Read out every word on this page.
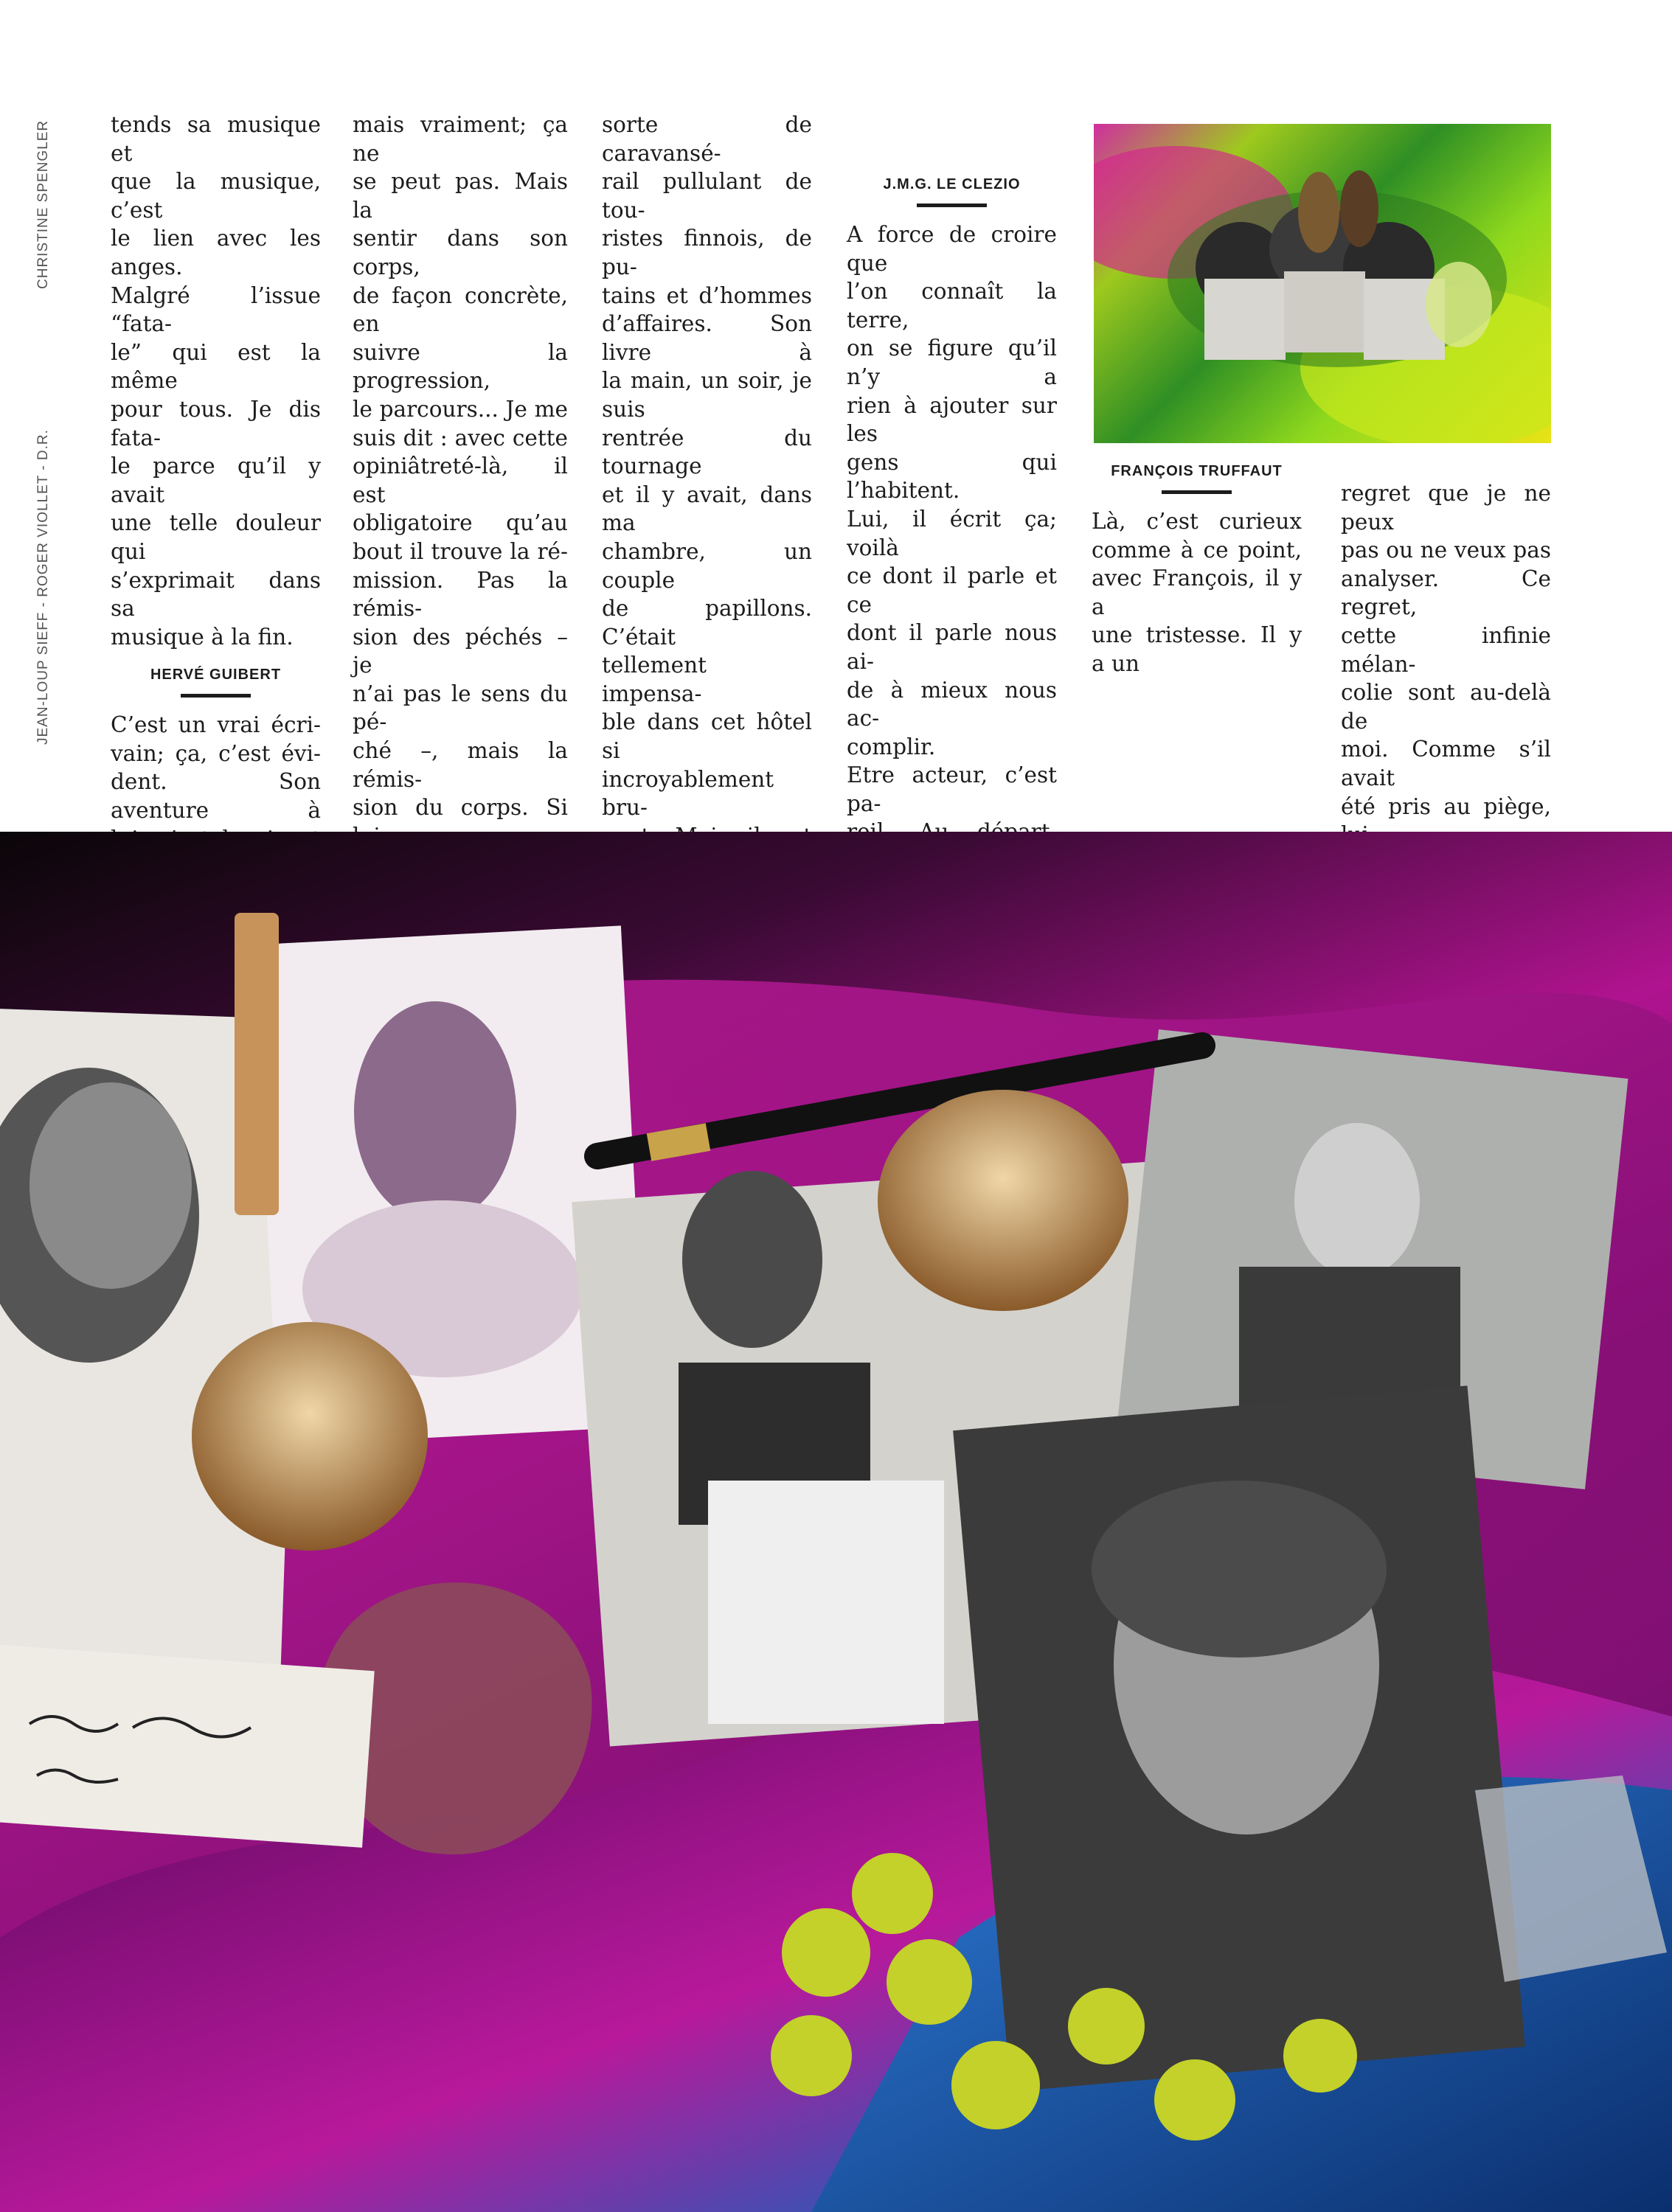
JEAN-LOUP SIEFF - ROGER VIOLLET - D.R.
CHRISTINE SPENGLER	tends sa musique et
que la musique, c’est
le lien avec les anges.
Malgré l’issue “fata-
le” qui est la même
pour tous. Je dis fata-
le parce qu’il y avait
une telle douleur qui
s’exprimait dans sa
musique à la fin.
HERVÉ GUIBERT
C’est un vrai écri-
vain; ça, c’est évi-
dent. Son aventure à
mais vraiment; ça ne
se peut pas. Mais la
sentir dans son corps,
de façon concrète, en
suivre la progression,
le parcours... Je me
suis dit : avec cette
opiniâtreté-là, il est
obligatoire qu’au
bout il trouve la ré-
mission. Pas la rémis-
sion des péchés – je
n’ai pas le sens du pé-
ché –, mais la rémis-
sion du corps. Si
sorte de caravansé-
rail pullulant de tou-
ristes finnois, de pu-
tains et d’hommes
d’affaires. Son livre à
la main, un soir, je suis
rentrée du tournage
et il y avait, dans ma
chambre, un couple
de papillons. C’était
tellement impensa-
ble dans cet hôtel si
incroyablement bru-
J.M.G. LE CLEZIO
A force de croire que
l’on connaît la terre,
on se figure qu’il n’y a
rien à ajouter sur les
gens qui l’habitent.
Lui, il écrit ça; voilà
ce dont il parle et ce
dont il parle nous ai-
de à mieux nous ac-
complir.
Etre acteur, c’est pa-
FRANÇOIS TRUFFAUT
Là, c’est curieux
comme à ce point,
avec François, il y a
une tristesse. Il y a un
regret que je ne peux
pas ou ne veux pas
analyser. Ce regret,
cette infinie mélan-
colie sont au-delà de
moi. Comme s’il avait
été pris au piège,
